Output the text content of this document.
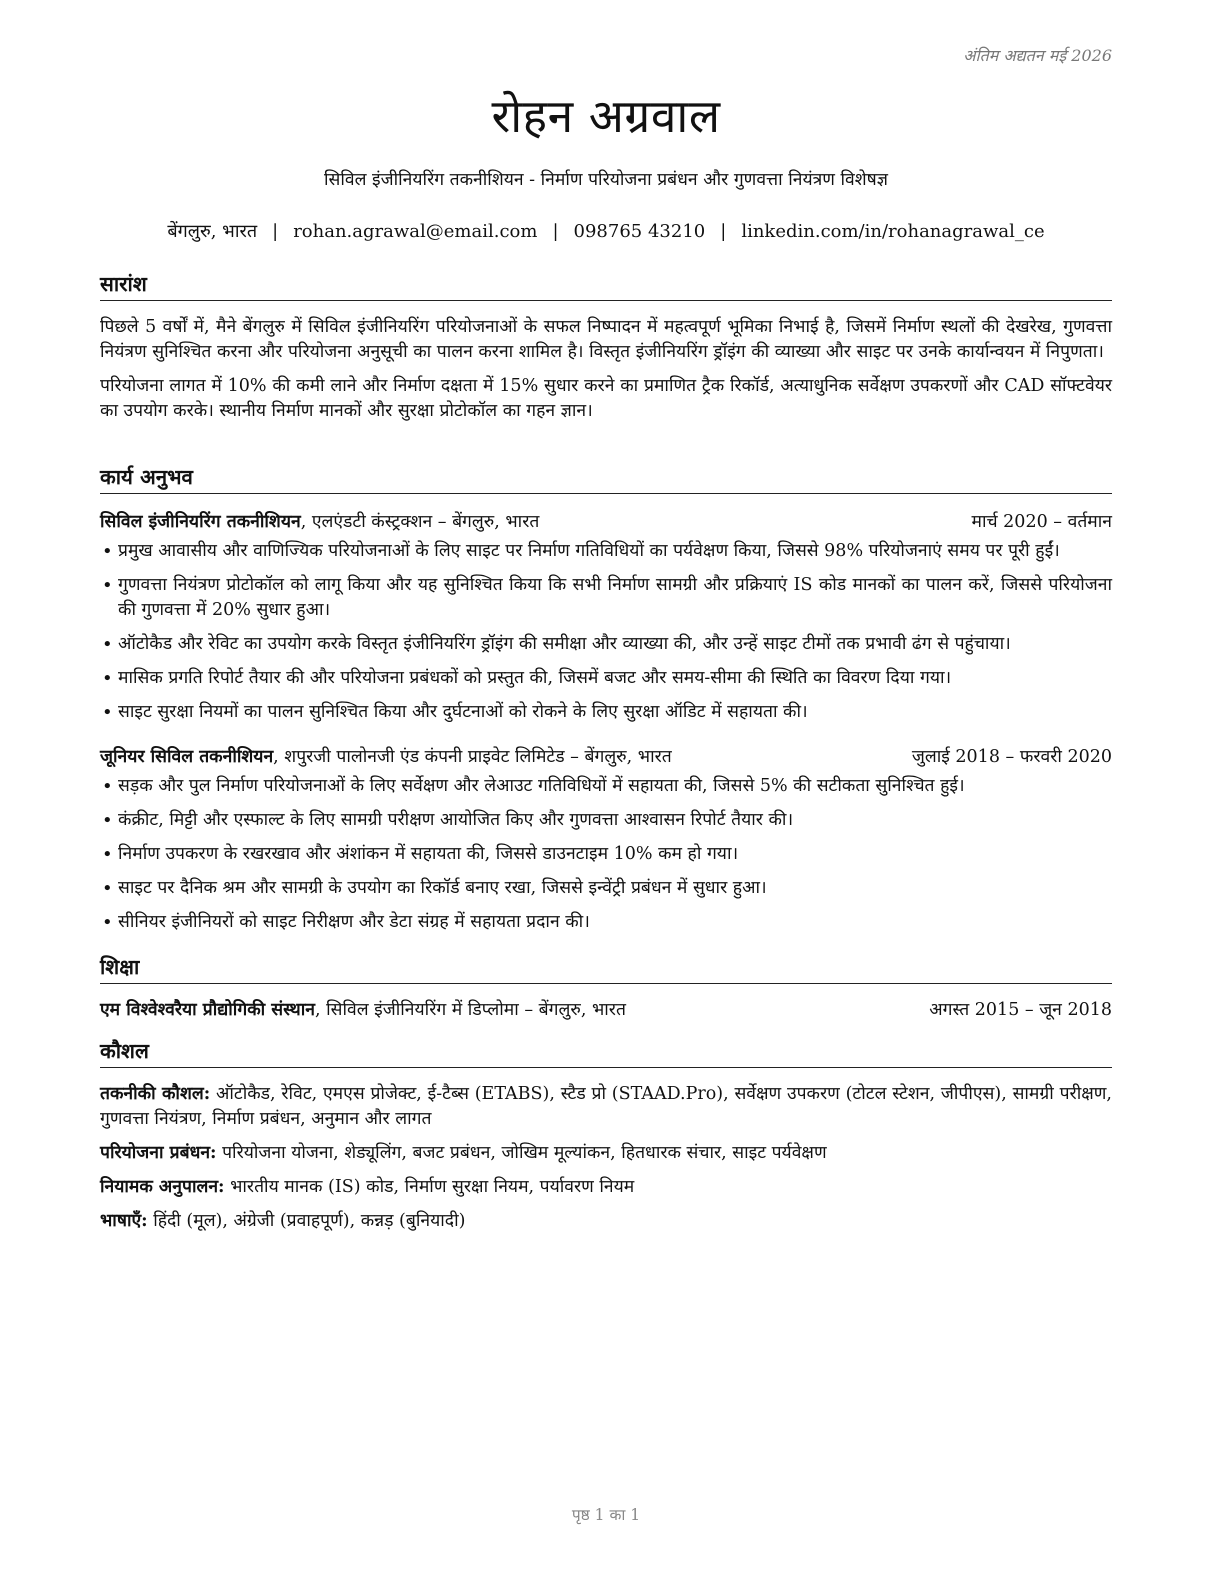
अंतिम अद्यतन मई 2026
रोहन अग्रवाल
सिविल इंजीनियरिंग तकनीशियन - निर्माण परियोजना प्रबंधन और गुणवत्ता नियंत्रण विशेषज्ञ
बेंगलुरु, भारत | rohan.agrawal@email.com | 098765 43210 | linkedin.com/in/rohanagrawal_ce
सारांश

पिछले 5 वर्षों में, मैने बेंगलुरु में सिविल इंजीनियरिंग परियोजनाओं के सफल निष्पादन में महत्वपूर्ण भूमिका निभाई है, जिसमें निर्माण स्थलों की देखरेख, गुणवत्ता नियंत्रण सुनिश्चित करना और परियोजना अनुसूची का पालन करना शामिल है। विस्तृत इंजीनियरिंग ड्रॉइंग की व्याख्या और साइट पर उनके कार्यान्वयन में निपुणता।

परियोजना लागत में 10% की कमी लाने और निर्माण दक्षता में 15% सुधार करने का प्रमाणित ट्रैक रिकॉर्ड, अत्याधुनिक सर्वेक्षण उपकरणों और CAD सॉफ्टवेयर का उपयोग करके। स्थानीय निर्माण मानकों और सुरक्षा प्रोटोकॉल का गहन ज्ञान।

कार्य अनुभव
सिविल इंजीनियरिंग तकनीशियन, एलएंडटी कंस्ट्रक्शन – बेंगलुरु, भारत	मार्च 2020 – वर्तमान
• प्रमुख आवासीय और वाणिज्यिक परियोजनाओं के लिए साइट पर निर्माण गतिविधियों का पर्यवेक्षण किया, जिससे 98% परियोजनाएं समय पर पूरी हुईं।
• गुणवत्ता नियंत्रण प्रोटोकॉल को लागू किया और यह सुनिश्चित किया कि सभी निर्माण सामग्री और प्रक्रियाएं IS कोड मानकों का पालन करें, जिससे परियोजना की गुणवत्ता में 20% सुधार हुआ।
• ऑटोकैड और रेविट का उपयोग करके विस्तृत इंजीनियरिंग ड्रॉइंग की समीक्षा और व्याख्या की, और उन्हें साइट टीमों तक प्रभावी ढंग से पहुंचाया।
• मासिक प्रगति रिपोर्ट तैयार की और परियोजना प्रबंधकों को प्रस्तुत की, जिसमें बजट और समय-सीमा की स्थिति का विवरण दिया गया।
• साइट सुरक्षा नियमों का पालन सुनिश्चित किया और दुर्घटनाओं को रोकने के लिए सुरक्षा ऑडिट में सहायता की।
जूनियर सिविल तकनीशियन, शपुरजी पालोनजी एंड कंपनी प्राइवेट लिमिटेड – बेंगलुरु, भारत	जुलाई 2018 – फरवरी 2020
• सड़क और पुल निर्माण परियोजनाओं के लिए सर्वेक्षण और लेआउट गतिविधियों में सहायता की, जिससे 5% की सटीकता सुनिश्चित हुई।
• कंक्रीट, मिट्टी और एस्फाल्ट के लिए सामग्री परीक्षण आयोजित किए और गुणवत्ता आश्वासन रिपोर्ट तैयार की।
• निर्माण उपकरण के रखरखाव और अंशांकन में सहायता की, जिससे डाउनटाइम 10% कम हो गया।
• साइट पर दैनिक श्रम और सामग्री के उपयोग का रिकॉर्ड बनाए रखा, जिससे इन्वेंट्री प्रबंधन में सुधार हुआ।
• सीनियर इंजीनियरों को साइट निरीक्षण और डेटा संग्रह में सहायता प्रदान की।
शिक्षा
एम विश्वेश्वरैया प्रौद्योगिकी संस्थान, सिविल इंजीनियरिंग में डिप्लोमा – बेंगलुरु, भारत	अगस्त 2015 – जून 2018
कौशल
तकनीकी कौशल: ऑटोकैड, रेविट, एमएस प्रोजेक्ट, ई-टैब्स (ETABS), स्टैड प्रो (STAAD.Pro), सर्वेक्षण उपकरण (टोटल स्टेशन, जीपीएस), सामग्री परीक्षण, गुणवत्ता नियंत्रण, निर्माण प्रबंधन, अनुमान और लागत
परियोजना प्रबंधन: परियोजना योजना, शेड्यूलिंग, बजट प्रबंधन, जोखिम मूल्यांकन, हितधारक संचार, साइट पर्यवेक्षण
नियामक अनुपालन: भारतीय मानक (IS) कोड, निर्माण सुरक्षा नियम, पर्यावरण नियम
भाषाएँ: हिंदी (मूल), अंग्रेजी (प्रवाहपूर्ण), कन्नड़ (बुनियादी)
पृष्ठ 1 का 1
